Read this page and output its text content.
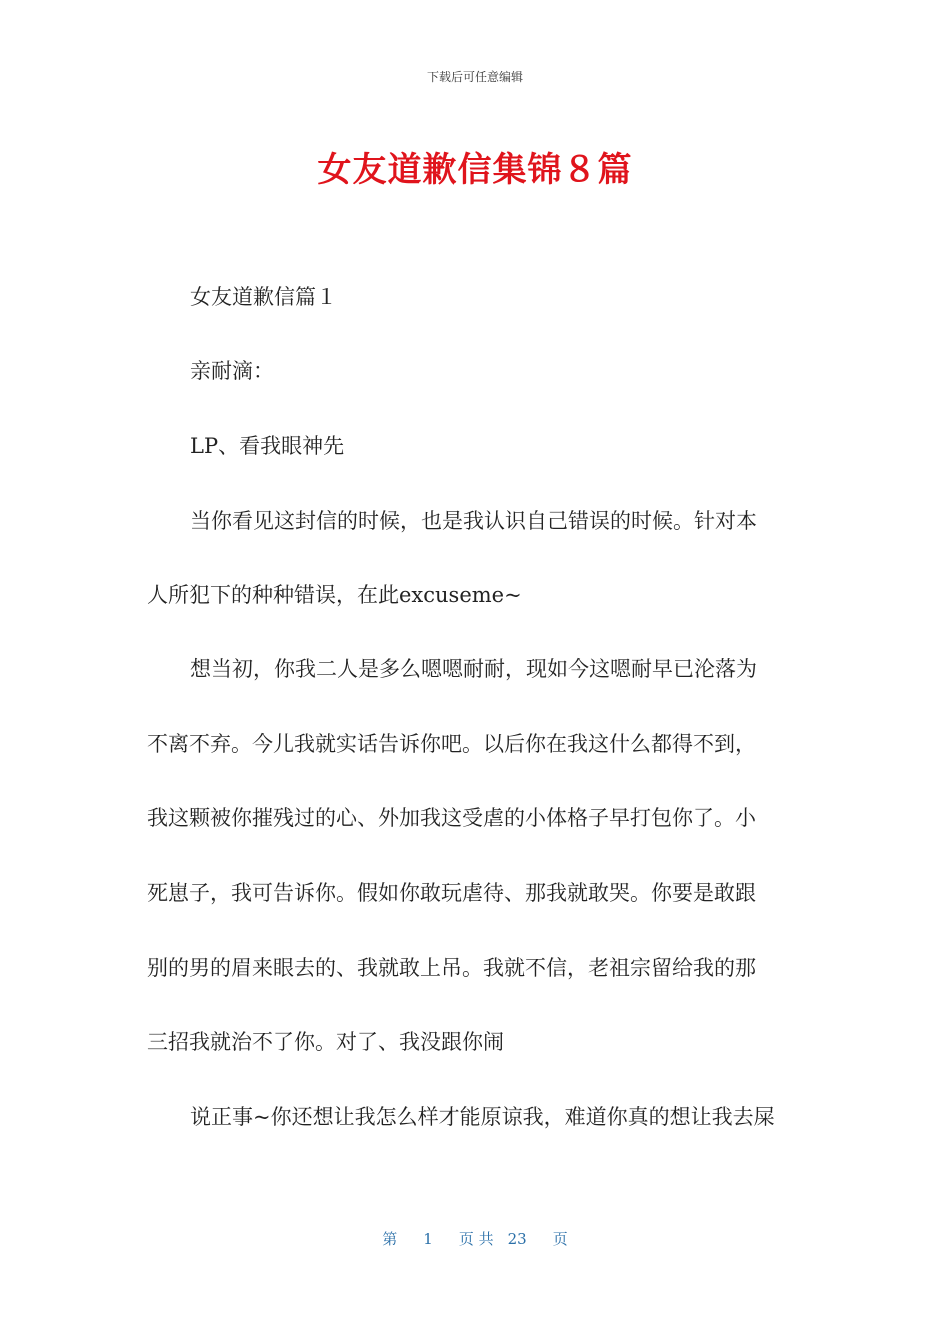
下载后可任意编辑
女友道歉信集锦８篇
女友道歉信篇１
亲耐滴：
LP、看我眼神先
当你看见这封信的时候，也是我认识自己错误的时候。针对本
人所犯下的种种错误，在此excuseme~
想当初，你我二人是多么嗯嗯耐耐，现如今这嗯耐早已沦落为
不离不弃。今儿我就实话告诉你吧。以后你在我这什么都得不到，
我这颗被你摧残过的心、外加我这受虐的小体格子早打包你了。小
死崽子，我可告诉你。假如你敢玩虐待、那我就敢哭。你要是敢跟
别的男的眉来眼去的、我就敢上吊。我就不信，老祖宗留给我的那
三招我就治不了你。对了、我没跟你闹
说正事~你还想让我怎么样才能原谅我，难道你真的想让我去屎
第 1 页 共 23 页
